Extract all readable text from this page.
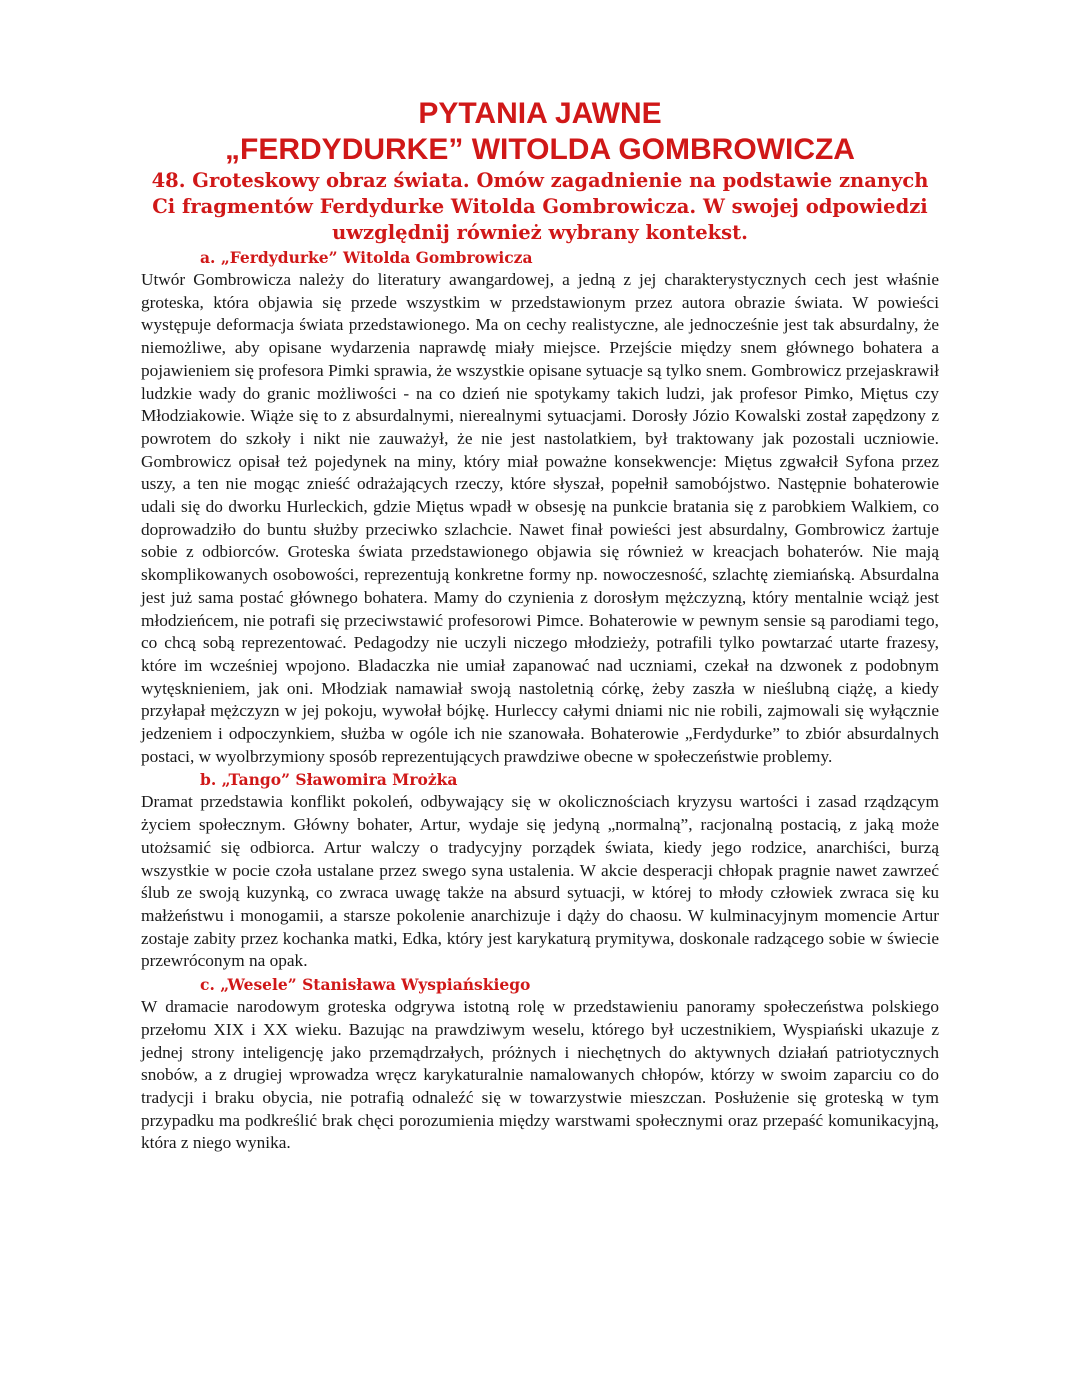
PYTANIA JAWNE
„FERDYDURKE” WITOLDA GOMBROWICZA

48. Groteskowy obraz świata. Omów zagadnienie na podstawie znanych Ci fragmentów Ferdydurke Witolda Gombrowicza. W swojej odpowiedzi uwzględnij również wybrany kontekst.

a. „Ferdydurke” Witolda Gombrowicza

Utwór Gombrowicza należy do literatury awangardowej, a jedną z jej charakterystycznych cech jest właśnie groteska, która objawia się przede wszystkim w przedstawionym przez autora obrazie świata. W powieści występuje deformacja świata przedstawionego. Ma on cechy realistyczne, ale jednocześnie jest tak absurdalny, że niemożliwe, aby opisane wydarzenia naprawdę miały miejsce. Przejście między snem głównego bohatera a pojawieniem się profesora Pimki sprawia, że wszystkie opisane sytuacje są tylko snem. Gombrowicz przejaskrawił ludzkie wady do granic możliwości - na co dzień nie spotykamy takich ludzi, jak profesor Pimko, Miętus czy Młodziakowie. Wiąże się to z absurdalnymi, nierealnymi sytuacjami. Dorosły Józio Kowalski został zapędzony z powrotem do szkoły i nikt nie zauważył, że nie jest nastolatkiem, był traktowany jak pozostali uczniowie. Gombrowicz opisał też pojedynek na miny, który miał poważne konsekwencje: Miętus zgwałcił Syfona przez uszy, a ten nie mogąc znieść odrażających rzeczy, które słyszał, popełnił samobójstwo. Następnie bohaterowie udali się do dworku Hurleckich, gdzie Miętus wpadł w obsesję na punkcie bratania się z parobkiem Walkiem, co doprowadziło do buntu służby przeciwko szlachcie. Nawet finał powieści jest absurdalny, Gombrowicz żartuje sobie z odbiorców. Groteska świata przedstawionego objawia się również w kreacjach bohaterów. Nie mają skomplikowanych osobowości, reprezentują konkretne formy np. nowoczesność, szlachtę ziemiańską. Absurdalna jest już sama postać głównego bohatera. Mamy do czynienia z dorosłym mężczyzną, który mentalnie wciąż jest młodzieńcem, nie potrafi się przeciwstawić profesorowi Pimce. Bohaterowie w pewnym sensie są parodiami tego, co chcą sobą reprezentować. Pedagodzy nie uczyli niczego młodzieży, potrafili tylko powtarzać utarte frazesy, które im wcześniej wpojono. Bladaczka nie umiał zapanować nad uczniami, czekał na dzwonek z podobnym wytęsknieniem, jak oni. Młodziak namawiał swoją nastoletnią córkę, żeby zaszła w nieślubną ciążę, a kiedy przyłapał mężczyzn w jej pokoju, wywołał bójkę. Hurleccy całymi dniami nic nie robili, zajmowali się wyłącznie jedzeniem i odpoczynkiem, służba w ogóle ich nie szanowała. Bohaterowie „Ferdydurke” to zbiór absurdalnych postaci, w wyolbrzymiony sposób reprezentujących prawdziwe obecne w społeczeństwie problemy.

b. „Tango” Sławomira Mrożka

Dramat przedstawia konflikt pokoleń, odbywający się w okolicznościach kryzysu wartości i zasad rządzącym życiem społecznym. Główny bohater, Artur, wydaje się jedyną „normalną”, racjonalną postacią, z jaką może utożsamić się odbiorca. Artur walczy o tradycyjny porządek świata, kiedy jego rodzice, anarchiści, burzą wszystkie w pocie czoła ustalane przez swego syna ustalenia. W akcie desperacji chłopak pragnie nawet zawrzeć ślub ze swoją kuzynką, co zwraca uwagę także na absurd sytuacji, w której to młody człowiek zwraca się ku małżeństwu i monogamii, a starsze pokolenie anarchizuje i dąży do chaosu. W kulminacyjnym momencie Artur zostaje zabity przez kochanka matki, Edka, który jest karykaturą prymitywa, doskonale radzącego sobie w świecie przewróconym na opak.

c. „Wesele” Stanisława Wyspiańskiego

W dramacie narodowym groteska odgrywa istotną rolę w przedstawieniu panoramy społeczeństwa polskiego przełomu XIX i XX wieku. Bazując na prawdziwym weselu, którego był uczestnikiem, Wyspiański ukazuje z jednej strony inteligencję jako przemądrzałych, próżnych i niechętnych do aktywnych działań patriotycznych snobów, a z drugiej wprowadza wręcz karykaturalnie namalowanych chłopów, którzy w swoim zaparciu co do tradycji i braku obycia, nie potrafią odnaleźć się w towarzystwie mieszczan. Posłużenie się groteską w tym przypadku ma podkreślić brak chęci porozumienia między warstwami społecznymi oraz przepaść komunikacyjną, która z niego wynika.
